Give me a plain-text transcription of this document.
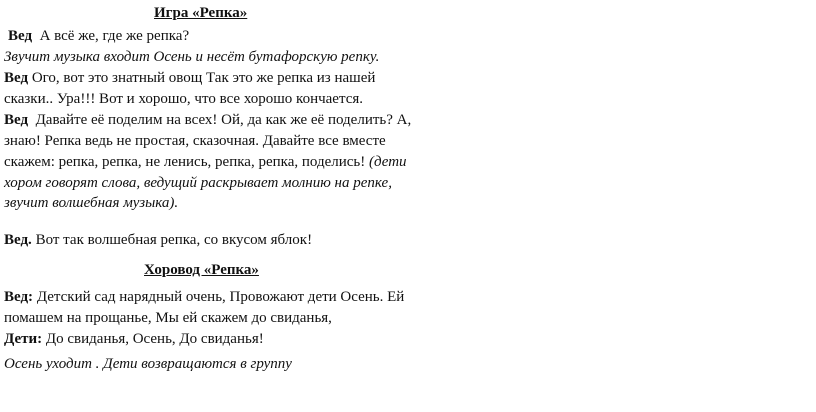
Игра «Репка»
Вед А всё же, где же репка?
Звучит музыка входит Осень и несёт бутафорскую репку.
Вед Ого, вот это знатный овощ Так это же репка из нашей
сказки.. Ура!!! Вот и хорошо, что все хорошо кончается.
Вед Давайте её поделим на всех! Ой, да как же её поделить? А,
знаю! Репка ведь не простая, сказочная. Давайте все вместе
скажем: репка, репка, не ленись, репка, репка, поделись! (дети
хором говорят слова, ведущий раскрывает молнию на репке,
звучит волшебная музыка).
Вед. Вот так волшебная репка, со вкусом яблок!
Хоровод «Репка»
Вед: Детский сад нарядный очень, Провожают дети Осень. Ей
помашем на прощанье, Мы ей скажем до свиданья,
Дети: До свиданья, Осень, До свиданья!
Осень уходит . Дети возвращаются в группу
